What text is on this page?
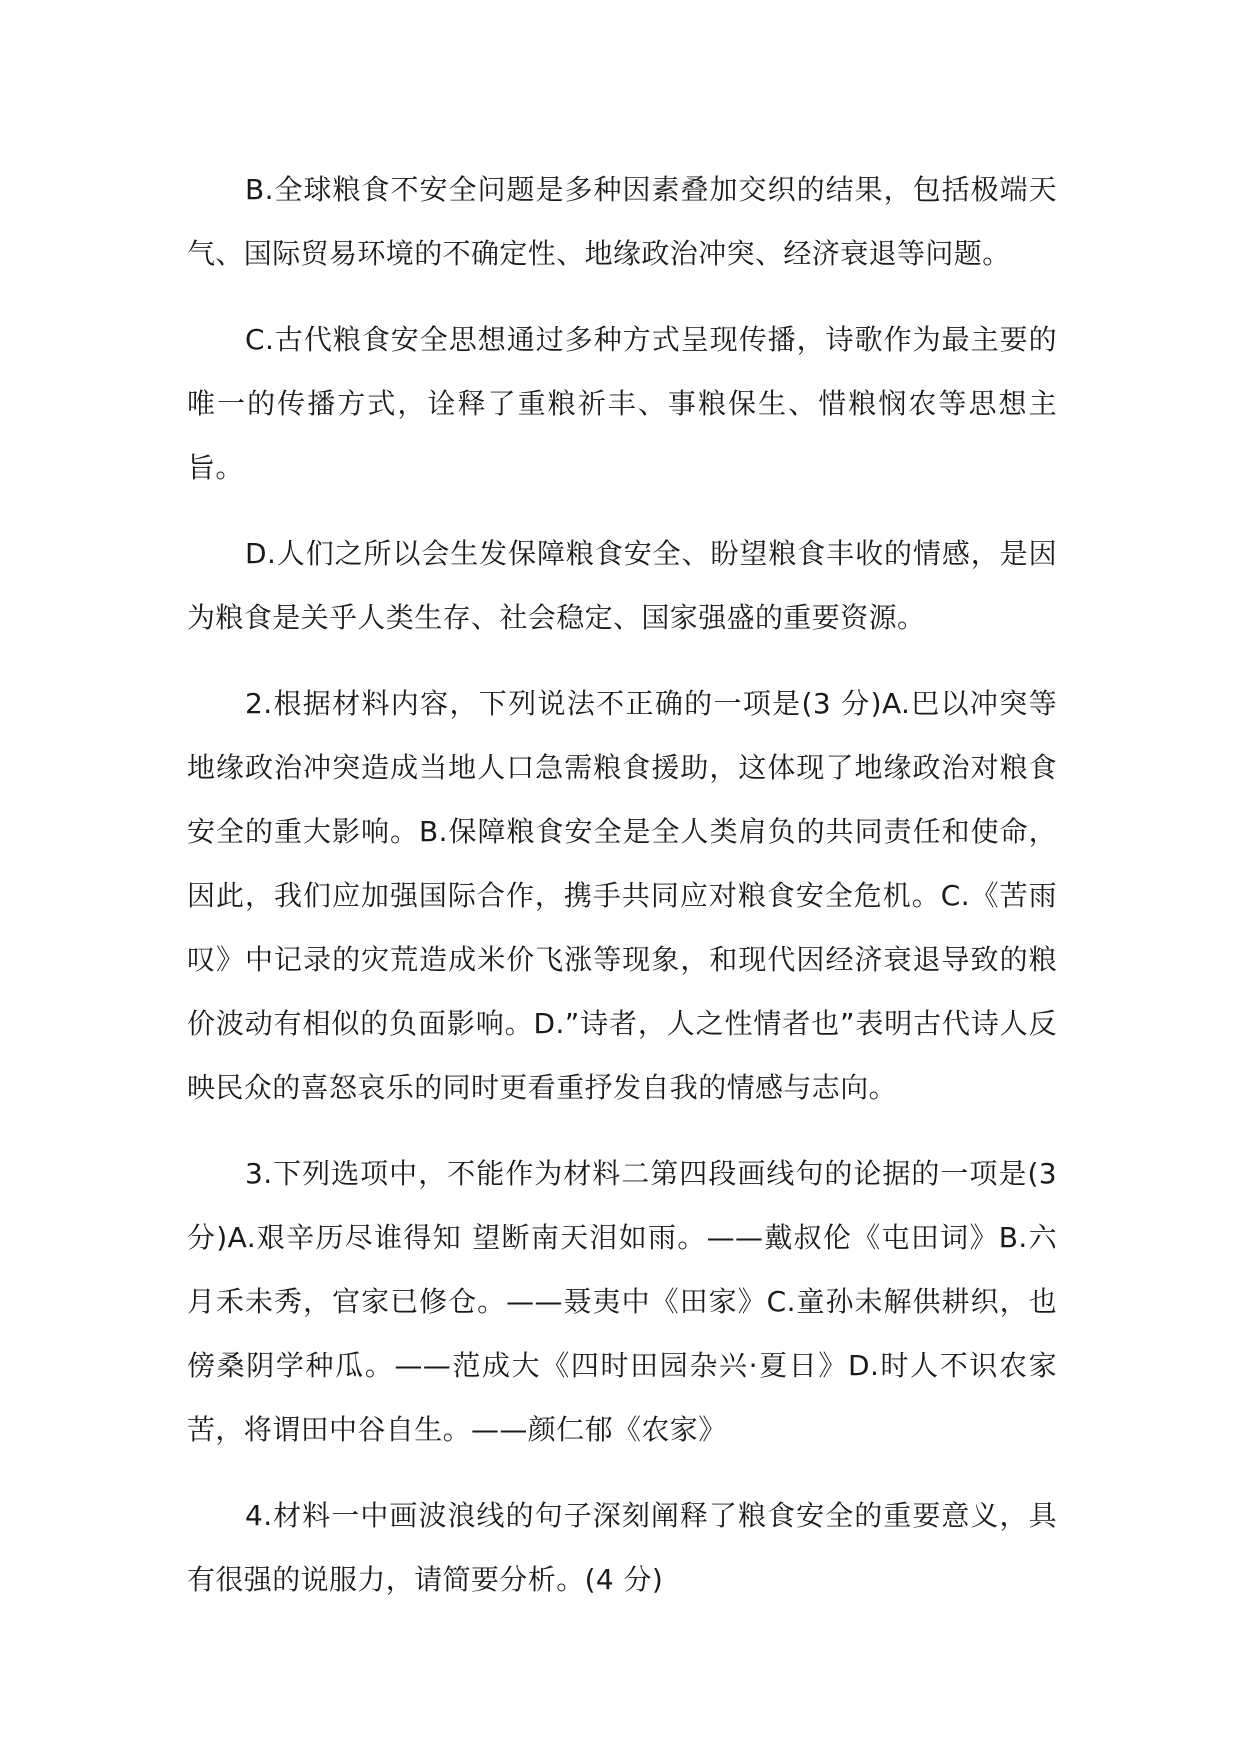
B.全球粮食不安全问题是多种因素叠加交织的结果，包括极端天气、国际贸易环境的不确定性、地缘政治冲突、经济衰退等问题。

C.古代粮食安全思想通过多种方式呈现传播，诗歌作为最主要的唯一的传播方式，诠释了重粮祈丰、事粮保生、惜粮悯农等思想主旨。

D.人们之所以会生发保障粮食安全、盼望粮食丰收的情感，是因为粮食是关乎人类生存、社会稳定、国家强盛的重要资源。

2.根据材料内容，下列说法不正确的一项是(3 分)A.巴以冲突等地缘政治冲突造成当地人口急需粮食援助，这体现了地缘政治对粮食安全的重大影响。B.保障粮食安全是全人类肩负的共同责任和使命，因此，我们应加强国际合作，携手共同应对粮食安全危机。C.《苦雨叹》中记录的灾荒造成米价飞涨等现象，和现代因经济衰退导致的粮价波动有相似的负面影响。D.”诗者，人之性情者也”表明古代诗人反映民众的喜怒哀乐的同时更看重抒发自我的情感与志向。

3.下列选项中，不能作为材料二第四段画线句的论据的一项是(3 分)A.艰辛历尽谁得知 望断南天泪如雨。——戴叔伦《屯田词》B.六月禾未秀，官家已修仓。——聂夷中《田家》C.童孙未解供耕织，也傍桑阴学种瓜。——范成大《四时田园杂兴·夏日》D.时人不识农家苦，将谓田中谷自生。——颜仁郁《农家》

4.材料一中画波浪线的句子深刻阐释了粮食安全的重要意义，具有很强的说服力，请简要分析。(4 分)
